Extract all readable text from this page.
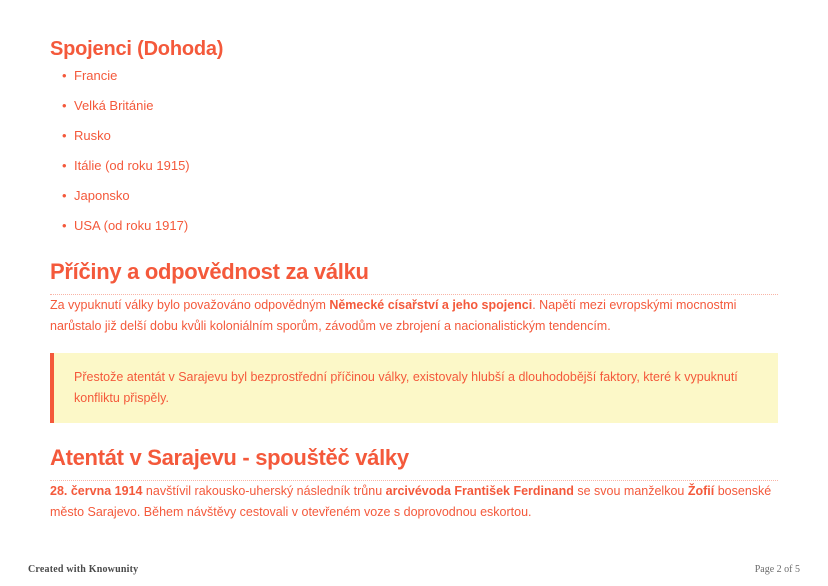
Spojenci (Dohoda)
• Francie
• Velká Británie
• Rusko
• Itálie (od roku 1915)
• Japonsko
• USA (od roku 1917)
Příčiny a odpovědnost za válku

Za vypuknutí války bylo považováno odpovědným Německé císařství a jeho spojenci. Napětí mezi evropskými mocnostmi narůstalo již delší dobu kvůli koloniálním sporům, závodům ve zbrojení a nacionalistickým tendencím.

Přestože atentát v Sarajevu byl bezprostřední příčinou války, existovaly hlubší a dlouhodobější faktory, které k vypuknutí konfliktu přispěly.
Atentát v Sarajevu - spouštěč války

28. června 1914 navštívil rakousko-uherský následník trůnu arcivévoda František Ferdinand se svou manželkou Žofií bosenské město Sarajevo. Během návštěvy cestovali v otevřeném voze s doprovodnou eskortou.

Created with Knowunity	Page 2 of 5
